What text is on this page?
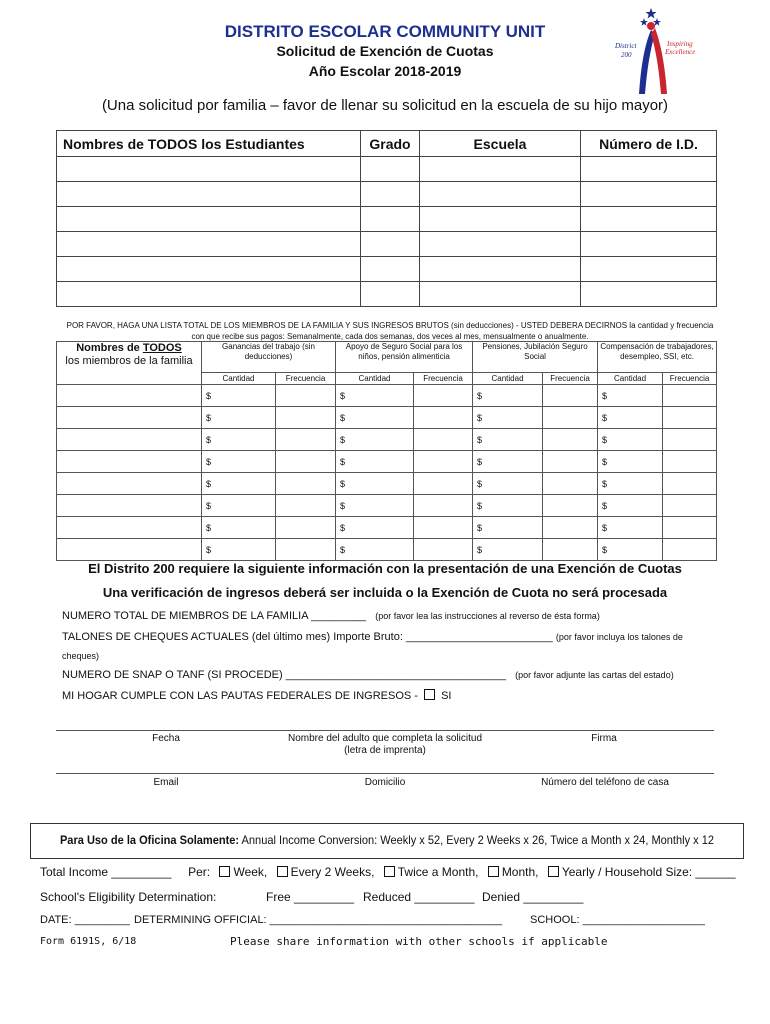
DISTRITO ESCOLAR COMMUNITY UNIT
Solicitud de Exención de Cuotas
Año Escolar 2018-2019
(Una solicitud por familia – favor de llenar su solicitud en la escuela de su hijo mayor)
District
200
Inspiring
Excellence
Nombres de TODOS los Estudiantes	Grado	Escuela	Número de I.D.

POR FAVOR, HAGA UNA LISTA TOTAL DE LOS MIEMBROS DE LA FAMILIA Y SUS INGRESOS BRUTOS (sin deducciones) - USTED DEBERA DECIRNOS la cantidad y frecuencia con que recibe sus pagos: Semanalmente, cada dos semanas, dos veces al mes, mensualmente o anualmente.
Nombres de TODOS
los miembros de la familia	Ganancias del trabajo (sin deducciones)		Apoyo de Seguro Social para los niños, pensión alimenticia		Pensiones, Jubilación Seguro Social		Compensación de trabajadores, desempleo, SSI, etc.	
	Cantidad	Frecuencia	Cantidad	Frecuencia	Cantidad	Frecuencia	Cantidad	Frecuencia
	$		$		$		$	
	$		$		$		$	
	$		$		$		$	
	$		$		$		$	
	$		$		$		$	
	$		$		$		$	
	$		$		$		$	
	$		$		$		$	
El Distrito 200 requiere la siguiente información con la presentación de una Exención de Cuotas
Una verificación de ingresos deberá ser incluida o la Exención de Cuota no será procesada
NUMERO TOTAL DE MIEMBROS DE LA FAMILIA _________ (por favor lea las instrucciones al reverso de ésta forma)
TALONES DE CHEQUES ACTUALES (del último mes) Importe Bruto: ________________________ (por favor incluya los talones de
cheques)
NUMERO DE SNAP O TANF (SI PROCEDE) ____________________________________ (por favor adjunte las cartas del estado)
MI HOGAR CUMPLE CON LAS PAUTAS FEDERALES DE INGRESOS - SI
Fecha	Nombre del adulto que completa la solicitud
(letra de imprenta)
Firma
Email	Domicilio	Número del teléfono de casa
Para Uso de la Oficina Solamente: Annual Income Conversion: Weekly x 52, Every 2 Weeks x 26, Twice a Month x 24, Monthly x 12
Total Income _________ Per: Week, Every 2 Weeks, Twice a Month, Month, Yearly / Household Size: ______
School's Eligibility Determination:	Free _________ Reduced _________ Denied _________
DATE: _________ DETERMINING OFFICIAL: ______________________________________	SCHOOL: ____________________
Form 6191S, 6/18	Please share information with other schools if applicable
